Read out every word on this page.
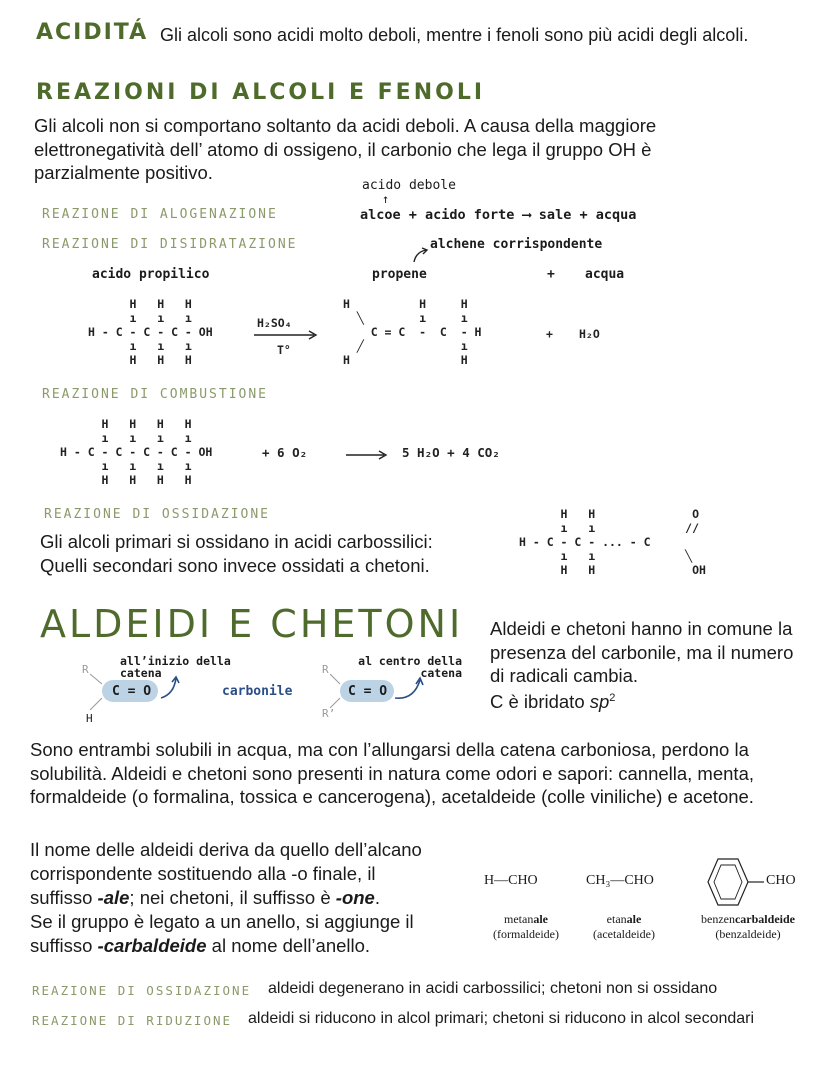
ACIDITÁ Gli alcoli sono acidi molto deboli, mentre i fenoli sono più acidi degli alcoli.
REAZIONI DI ALCOLI E FENOLI
Gli alcoli non si comportano soltanto da acidi deboli. A causa della maggiore elettronegatività dell’ atomo di ossigeno, il carbonio che lega il gruppo OH è parzialmente positivo.
REAZIONE DI ALOGENAZIONE
acido debole
↑
alcoe + acido forte ⟶ sale + acqua
REAZIONE DI DISIDRATAZIONE	alchene corrispondente
acido propilico	propene	+ acqua
H   H   H
ı   ı   ı
H - C - C - C - OH
ı   ı   ı
H   H   H
H₂SO₄
T°
H          H     H
╲        ı     ı
C = C  -  C  - H
╱              ı
H                H
+ H₂O
REAZIONE DI COMBUSTIONE
H   H   H   H
ı   ı   ı   ı
H - C - C - C - C - OH
ı   ı   ı   ı
H   H   H   H
+ 6 O₂	5 H₂O + 4 CO₂
REAZIONE DI OSSIDAZIONE
Gli alcoli primari si ossidano in acidi carbossilici:
Quelli secondari sono invece ossidati a chetoni.
H   H              O
ı   ı             //
H - C - C - ... - C
ı   ı             ╲
H   H              OH
ALDEIDI E CHETONI Aldeidi e chetoni hanno in comune la presenza del carbonile, ma il numero di radicali cambia.
C è ibridato $sp^2$
R
all’inizio della catena
C = O
H
carbonile
R
al centro della catena
C = O
R’
Sono entrambi solubili in acqua, ma con l’allungarsi della catena carboniosa, perdono la solubilità. Aldeidi e chetoni sono presenti in natura come odori e sapori: cannella, menta, formaldeide (o formalina, tossica e cancerogena), acetaldeide (colle viniliche) e acetone.
Il nome delle aldeidi deriva da quello dell’alcano
corrispondente sostituendo alla -o finale, il
suffisso -ale; nei chetoni, il suffisso è -one.
Se il gruppo è legato a un anello, si aggiunge il
suffisso -carbaldeide al nome dell’anello.
H—CHO	CH₃—CHO	CHO
metanale
(formaldeide)
etanale
(acetaldeide)
benzencarbaldeide
(benzaldeide)
REAZIONE DI OSSIDAZIONE aldeidi degenerano in acidi carbossilici; chetoni non si ossidano
REAZIONE DI RIDUZIONE aldeidi si riducono in alcol primari; chetoni si riducono in alcol secondari
